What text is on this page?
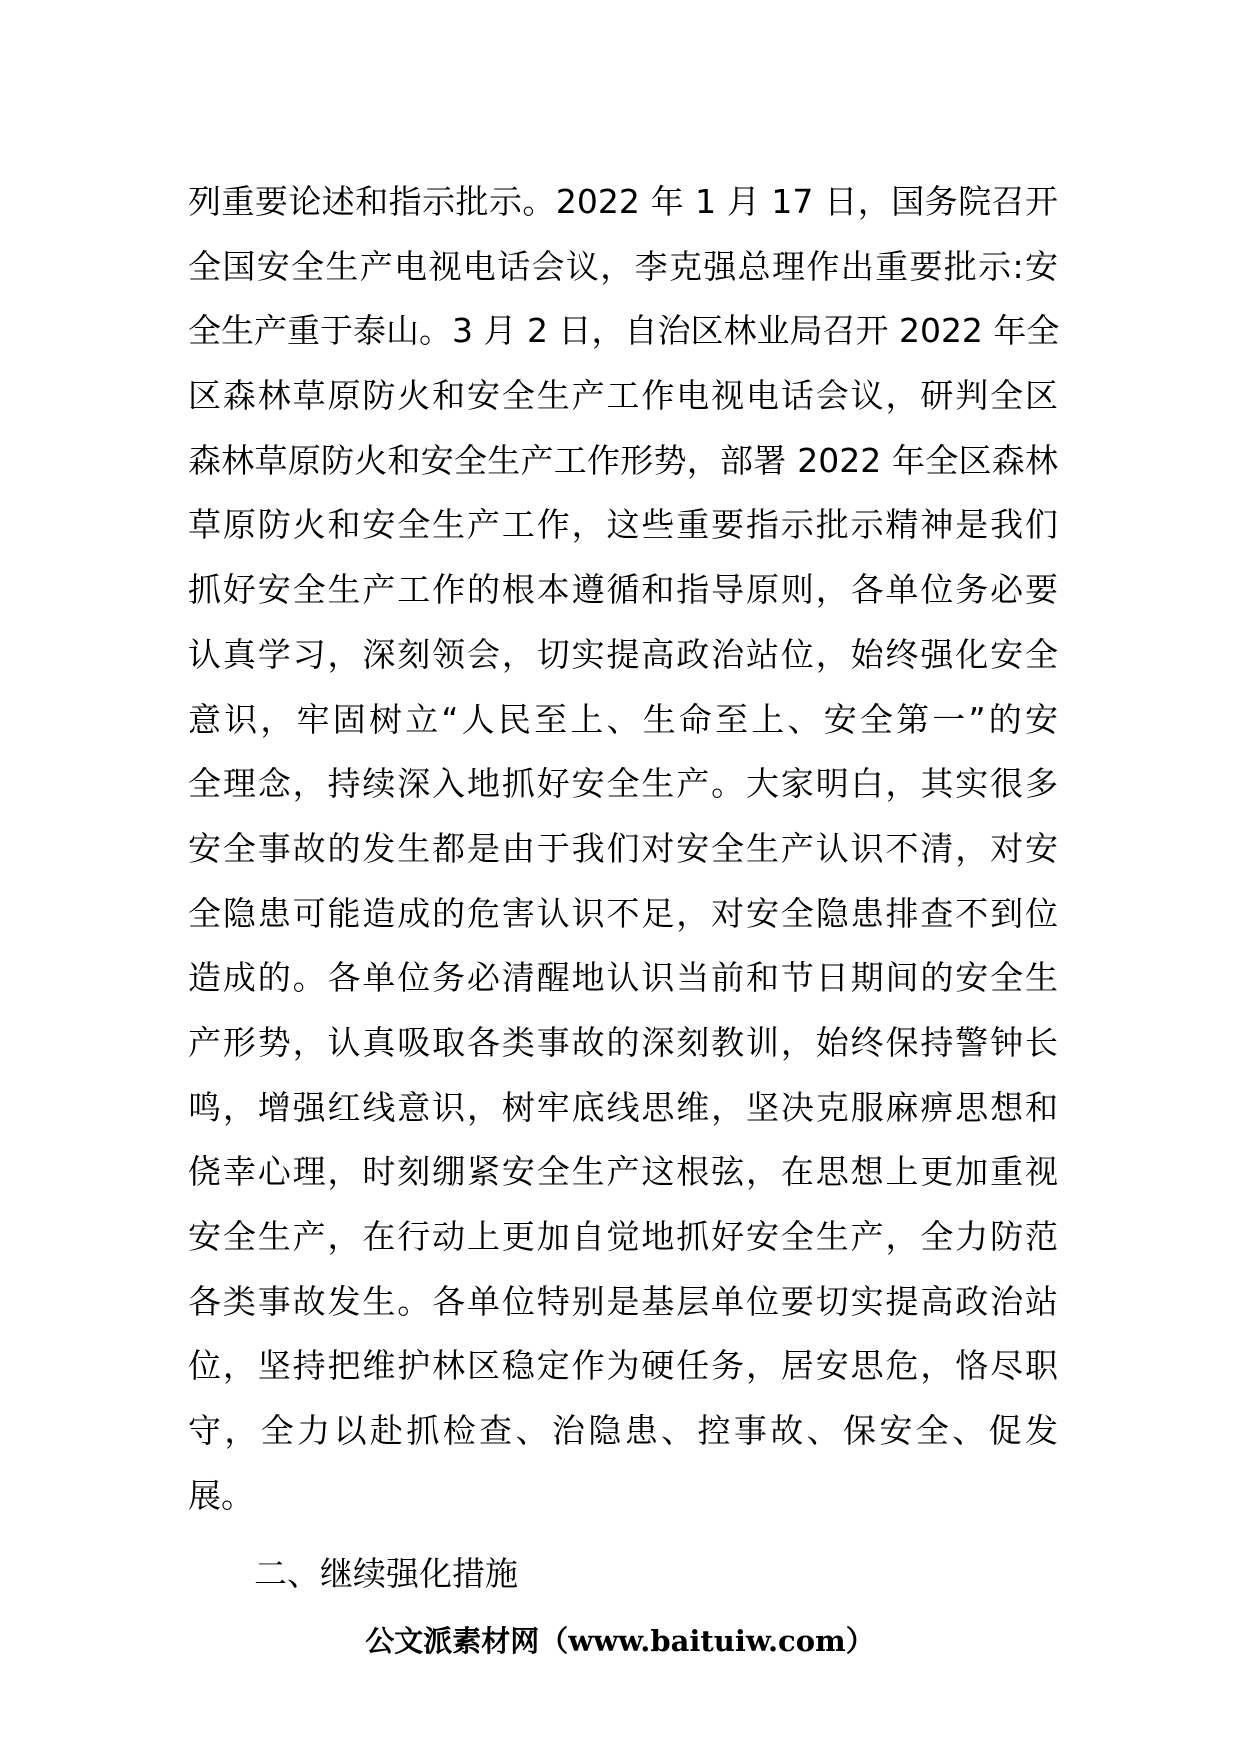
列重要论述和指示批示。2022 年 1 月 17 日，国务院召开
全国安全生产电视电话会议，李克强总理作出重要批示:安
全生产重于泰山。3 月 2 日，自治区林业局召开 2022 年全
区森林草原防火和安全生产工作电视电话会议，研判全区
森林草原防火和安全生产工作形势，部署 2022 年全区森林
草原防火和安全生产工作，这些重要指示批示精神是我们
抓好安全生产工作的根本遵循和指导原则，各单位务必要
认真学习，深刻领会，切实提高政治站位，始终强化安全
意识，牢固树立“人民至上、生命至上、安全第一”的安
全理念，持续深入地抓好安全生产。大家明白，其实很多
安全事故的发生都是由于我们对安全生产认识不清，对安
全隐患可能造成的危害认识不足，对安全隐患排查不到位
造成的。各单位务必清醒地认识当前和节日期间的安全生
产形势，认真吸取各类事故的深刻教训，始终保持警钟长
鸣，增强红线意识，树牢底线思维，坚决克服麻痹思想和
侥幸心理，时刻绷紧安全生产这根弦，在思想上更加重视
安全生产，在行动上更加自觉地抓好安全生产，全力防范
各类事故发生。各单位特别是基层单位要切实提高政治站
位，坚持把维护林区稳定作为硬任务，居安思危，恪尽职
守，全力以赴抓检查、治隐患、控事故、保安全、促发
展。
二、继续强化措施
公文派素材网（www.baituiw.com）
